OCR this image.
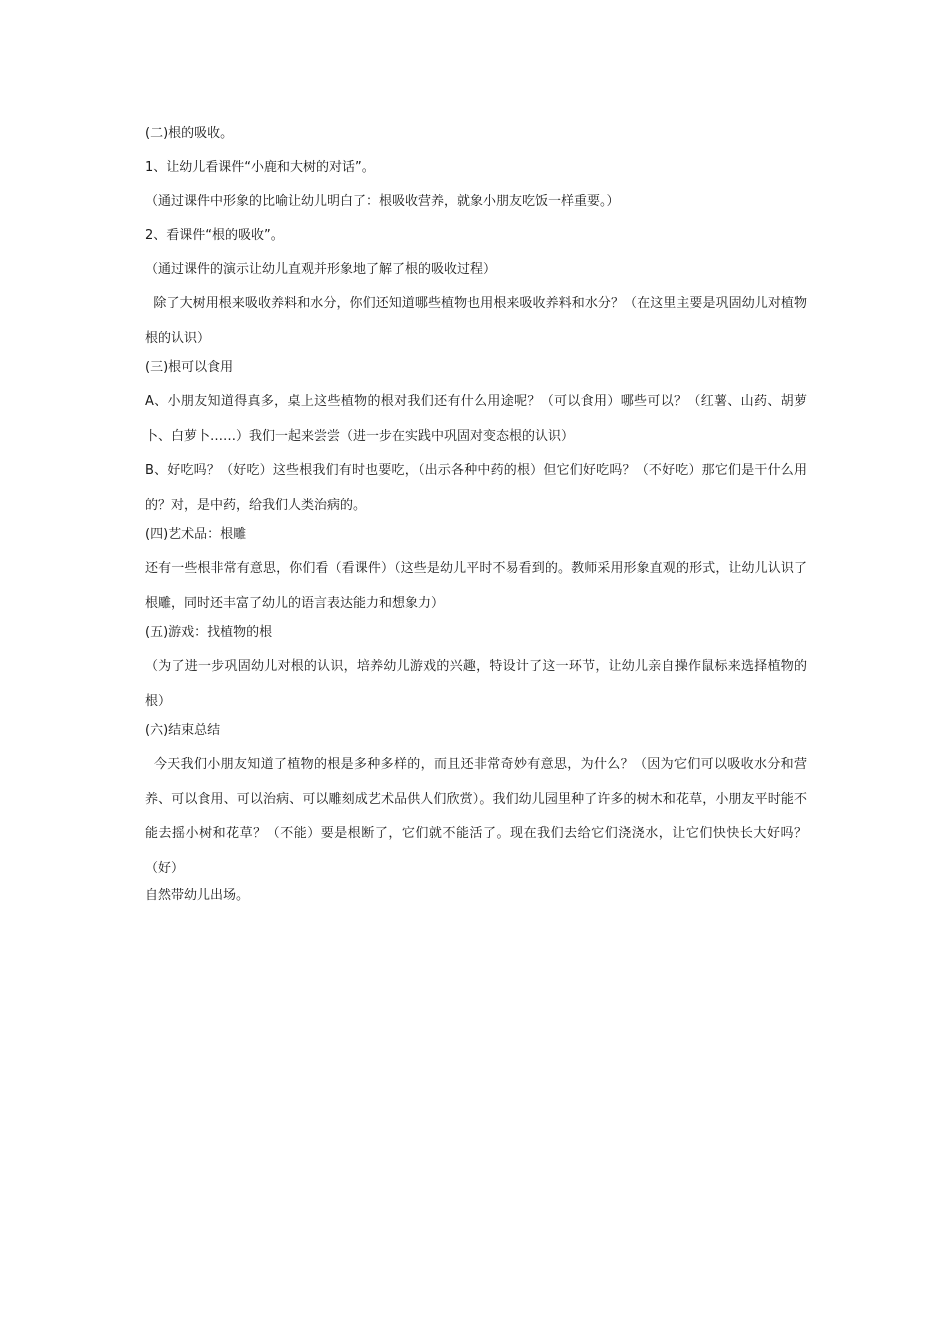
(二)根的吸收。

1、让幼儿看课件“小鹿和大树的对话”。

（通过课件中形象的比喻让幼儿明白了：根吸收营养，就象小朋友吃饭一样重要。）

2、看课件“根的吸收”。

（通过课件的演示让幼儿直观并形象地了解了根的吸收过程）

除了大树用根来吸收养料和水分，你们还知道哪些植物也用根来吸收养料和水分？（在这里主要是巩固幼儿对植物根的认识）

(三)根可以食用

A、小朋友知道得真多，桌上这些植物的根对我们还有什么用途呢？（可以食用）哪些可以？（红薯、山药、胡萝卜、白萝卜……）我们一起来尝尝（进一步在实践中巩固对变态根的认识）

B、好吃吗？（好吃）这些根我们有时也要吃，（出示各种中药的根）但它们好吃吗？（不好吃）那它们是干什么用的？对，是中药，给我们人类治病的。

(四)艺术品：根雕

还有一些根非常有意思，你们看（看课件）（这些是幼儿平时不易看到的。教师采用形象直观的形式，让幼儿认识了根雕，同时还丰富了幼儿的语言表达能力和想象力）

(五)游戏：找植物的根

（为了进一步巩固幼儿对根的认识，培养幼儿游戏的兴趣，特设计了这一环节，让幼儿亲自操作鼠标来选择植物的根）

(六)结束总结

今天我们小朋友知道了植物的根是多种多样的，而且还非常奇妙有意思，为什么？（因为它们可以吸收水分和营养、可以食用、可以治病、可以雕刻成艺术品供人们欣赏）。我们幼儿园里种了许多的树木和花草，小朋友平时能不能去摇小树和花草？（不能）要是根断了，它们就不能活了。现在我们去给它们浇浇水，让它们快快长大好吗？（好）

自然带幼儿出场。
